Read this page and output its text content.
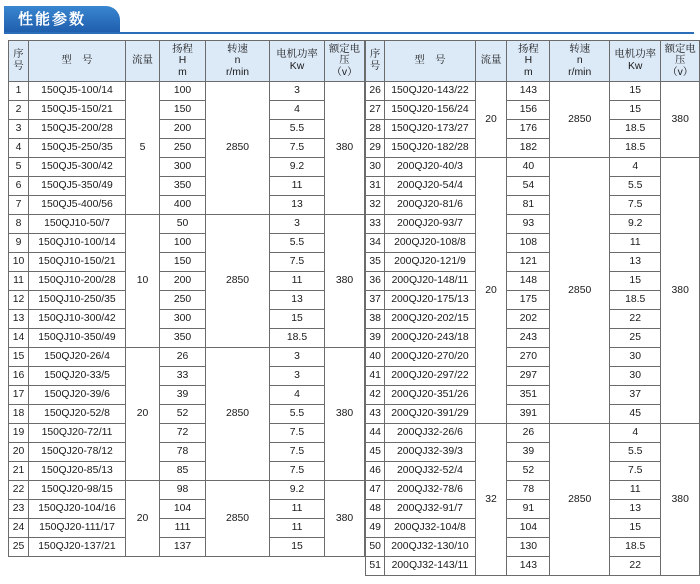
性能参数
序
号	型　号	流量	扬程
H
m	转速
n
r/min	电机功率
Kw	额定电压
（v）

1	150QJ5-100/14	5	100	2850	3	380
2	150QJ5-150/21		150		4	
3	150QJ5-200/28		200		5.5	
4	150QJ5-250/35		250		7.5	
5	150QJ5-300/42		300		9.2	
6	150QJ5-350/49		350		11	
7	150QJ5-400/56		400		13	
8	150QJ10-50/7	10	50	2850	3	380
9	150QJ10-100/14		100		5.5	
10	150QJ10-150/21		150		7.5	
11	150QJ10-200/28		200		11	
12	150QJ10-250/35		250		13	
13	150QJ10-300/42		300		15	
14	150QJ10-350/49		350		18.5	
15	150QJ20-26/4	20	26	2850	3	380
16	150QJ20-33/5		33		3	
17	150QJ20-39/6		39		4	
18	150QJ20-52/8		52		5.5	
19	150QJ20-72/11		72		7.5	
20	150QJ20-78/12		78		7.5	
21	150QJ20-85/13		85		7.5	
22	150QJ20-98/15	20	98	2850	9.2	380
23	150QJ20-104/16		104		11	
24	150QJ20-111/17		111		11	
25	150QJ20-137/21		137		15	
序
号	型　号	流量	扬程
H
m	转速
n
r/min	电机功率
Kw	额定电压
（v）

26	150QJ20-143/22	20	143	2850	15	380
27	150QJ20-156/24		156		15	
28	150QJ20-173/27		176		18.5	
29	150QJ20-182/28		182		18.5	
30	200QJ20-40/3	20	40	2850	4	380
31	200QJ20-54/4		54		5.5	
32	200QJ20-81/6		81		7.5	
33	200QJ20-93/7		93		9.2	
34	200QJ20-108/8		108		11	
35	200QJ20-121/9		121		13	
36	200QJ20-148/11		148		15	
37	200QJ20-175/13		175		18.5	
38	200QJ20-202/15		202		22	
39	200QJ20-243/18		243		25	
40	200QJ20-270/20		270		30	
41	200QJ20-297/22		297		30	
42	200QJ20-351/26		351		37	
43	200QJ20-391/29		391		45	
44	200QJ32-26/6	32	26	2850	4	380
45	200QJ32-39/3		39		5.5	
46	200QJ32-52/4		52		7.5	
47	200QJ32-78/6		78		11	
48	200QJ32-91/7		91		13	
49	200QJ32-104/8		104		15	
50	200QJ32-130/10		130		18.5	
51	200QJ32-143/11		143		22	
